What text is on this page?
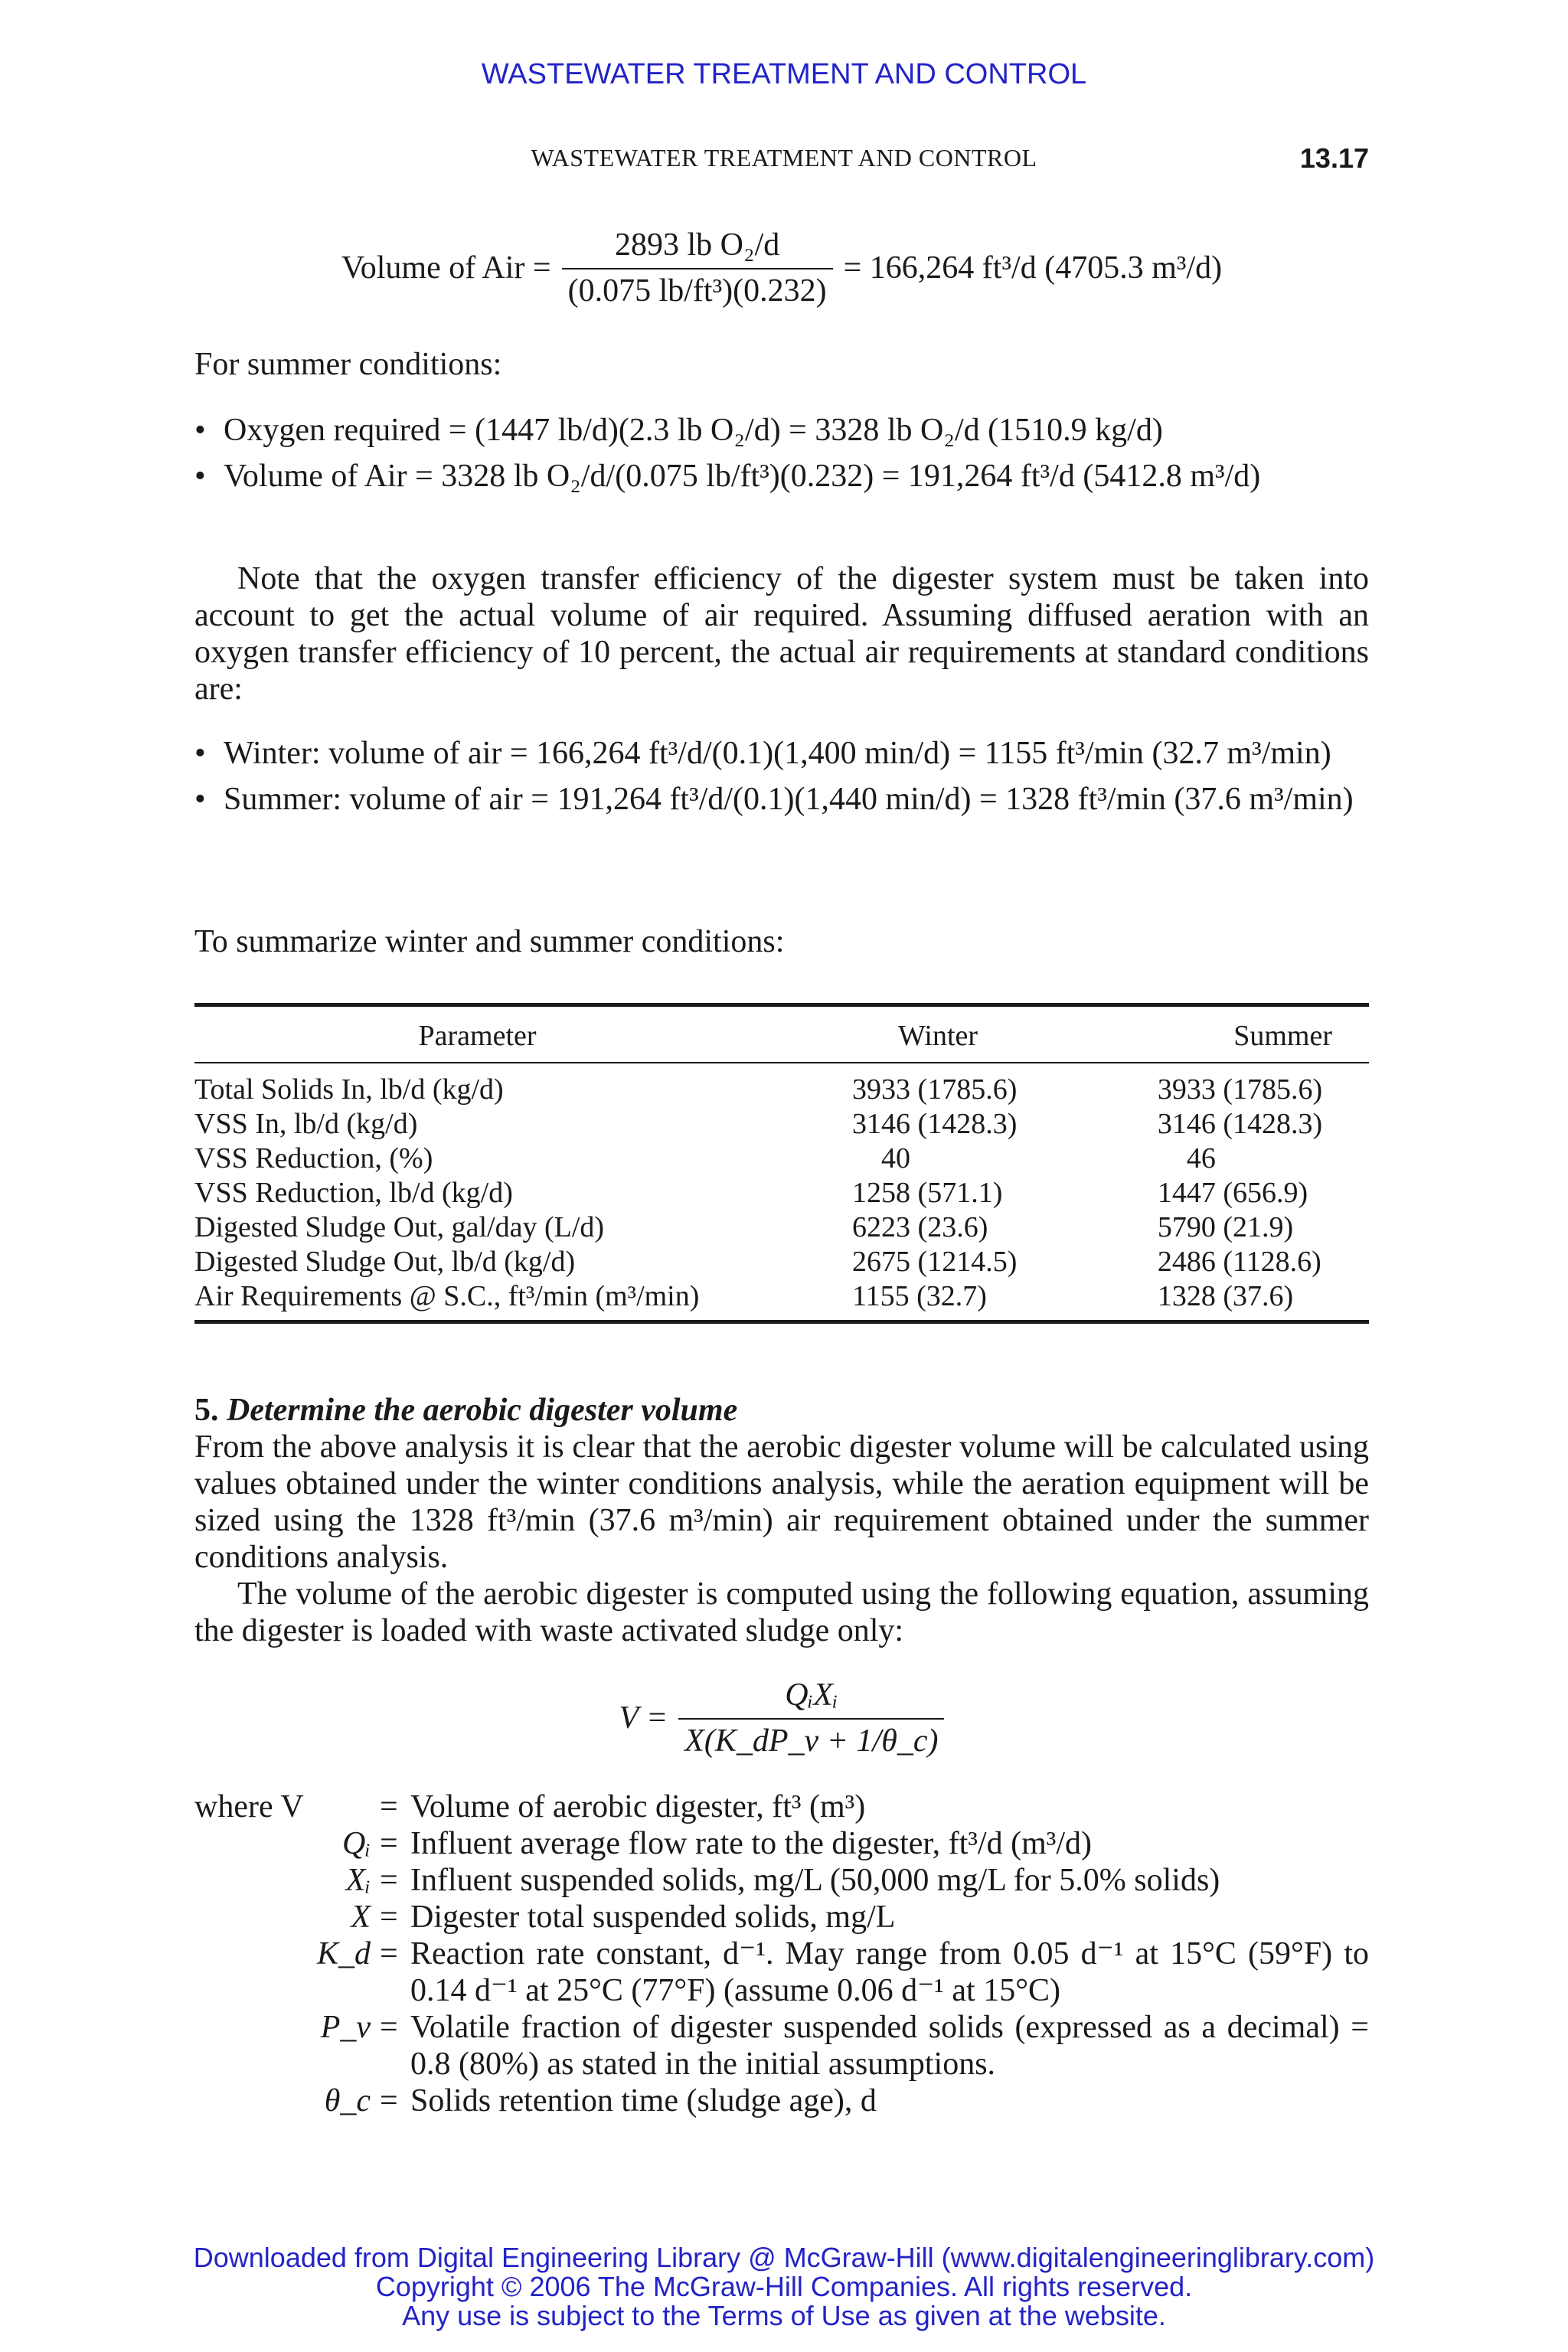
WASTEWATER TREATMENT AND CONTROL
WASTEWATER TREATMENT AND CONTROL	13.17
Volume of Air = $\frac{\text{2893 lb O₂/d}}{\text{(0.075 lb/ft³)(0.232)}} = 166,264$ ft³/d (4705.3 m³/d)

For summer conditions:

• Oxygen required = (1447 lb/d)(2.3 lb O₂/d) = 3328 lb O₂/d (1510.9 kg/d)

• Volume of Air = 3328 lb O₂/d/(0.075 lb/ft³)(0.232) = 191,264 ft³/d (5412.8 m³/d)

Note that the oxygen transfer efficiency of the digester system must be taken into account to get the actual volume of air required. Assuming diffused aeration with an oxygen transfer efficiency of 10 percent, the actual air requirements at standard conditions are:

• Winter: volume of air = 166,264 ft³/d/(0.1)(1,400 min/d) = 1155 ft³/min (32.7 m³/min)

• Summer: volume of air = 191,264 ft³/d/(0.1)(1,440 min/d) = 1328 ft³/min (37.6 m³/min)

To summarize winter and summer conditions:

Parameter	Winter	Summer

Total Solids In, lb/d (kg/d)	3933 (1785.6)	3933 (1785.6)
VSS In, lb/d (kg/d)	3146 (1428.3)	3146 (1428.3)
VSS Reduction, (%)	40	46
VSS Reduction, lb/d (kg/d)	1258 (571.1)	1447 (656.9)
Digested Sludge Out, gal/day (L/d)	6223 (23.6)	5790 (21.9)
Digested Sludge Out, lb/d (kg/d)	2675 (1214.5)	2486 (1128.6)
Air Requirements @ S.C., ft³/min (m³/min)	1155 (32.7)	1328 (37.6)

5. Determine the aerobic digester volume

From the above analysis it is clear that the aerobic digester volume will be calculated using values obtained under the winter conditions analysis, while the aeration equipment will be sized using the 1328 ft³/min (37.6 m³/min) air requirement obtained under the summer conditions analysis.

The volume of the aerobic digester is computed using the following equation, assuming the digester is loaded with waste activated sludge only:

$V = \frac{\text{QᵢXᵢ}}{X(K\_dP\_v + 1/\theta\_c)}$
where V	= Volume of aerobic digester, ft³ (m³)
Qᵢ = Influent average flow rate to the digester, ft³/d (m³/d)
Xᵢ = Influent suspended solids, mg/L (50,000 mg/L for 5.0% solids)
X = Digester total suspended solids, mg/L
K_d = Reaction rate constant, d⁻¹. May range from 0.05 d⁻¹ at 15°C (59°F) to 0.14 d⁻¹ at 25°C (77°F) (assume 0.06 d⁻¹ at 15°C)
P_v = Volatile fraction of digester suspended solids (expressed as a decimal) = 0.8 (80%) as stated in the initial assumptions.
θ_c = Solids retention time (sludge age), d
Downloaded from Digital Engineering Library @ McGraw-Hill (www.digitalengineeringlibrary.com)
Copyright © 2006 The McGraw-Hill Companies. All rights reserved.
Any use is subject to the Terms of Use as given at the website.
